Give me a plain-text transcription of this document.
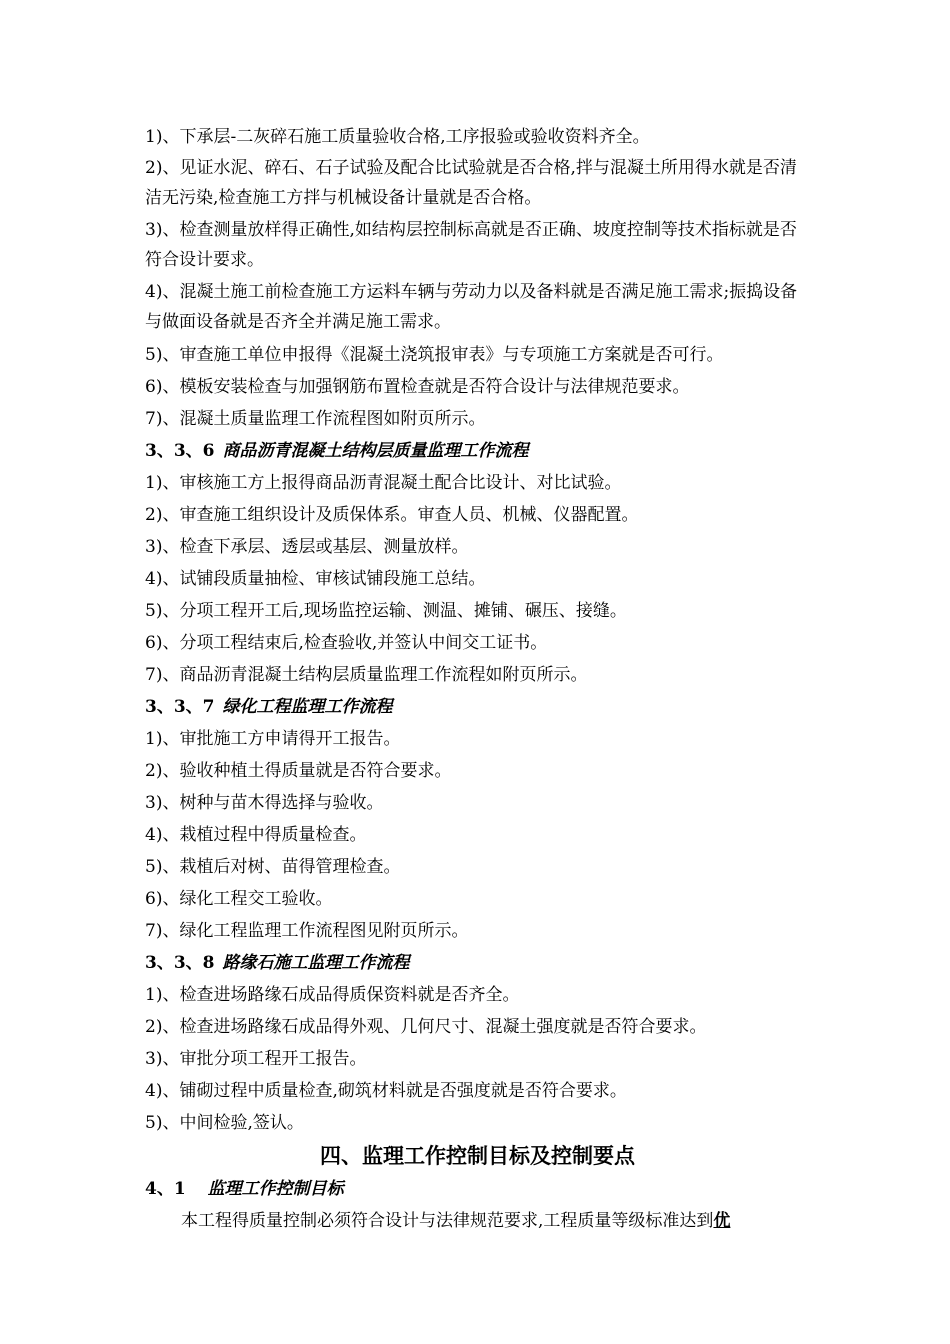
1)、下承层-二灰碎石施工质量验收合格,工序报验或验收资料齐全。

2)、见证水泥、碎石、石子试验及配合比试验就是否合格,拌与混凝土所用得水就是否清洁无污染,检查施工方拌与机械设备计量就是否合格。

3)、检查测量放样得正确性,如结构层控制标高就是否正确、坡度控制等技术指标就是否符合设计要求。

4)、混凝土施工前检查施工方运料车辆与劳动力以及备料就是否满足施工需求;振捣设备与做面设备就是否齐全并满足施工需求。

5)、审查施工单位申报得《混凝土浇筑报审表》与专项施工方案就是否可行。

6)、模板安装检查与加强钢筋布置检查就是否符合设计与法律规范要求。

7)、混凝土质量监理工作流程图如附页所示。

3、3、6 商品沥青混凝土结构层质量监理工作流程

1)、审核施工方上报得商品沥青混凝土配合比设计、对比试验。

2)、审查施工组织设计及质保体系。审查人员、机械、仪器配置。

3)、检查下承层、透层或基层、测量放样。

4)、试铺段质量抽检、审核试铺段施工总结。

5)、分项工程开工后,现场监控运输、测温、摊铺、碾压、接缝。

6)、分项工程结束后,检查验收,并签认中间交工证书。

7)、商品沥青混凝土结构层质量监理工作流程如附页所示。

3、3、7 绿化工程监理工作流程

1)、审批施工方申请得开工报告。

2)、验收种植土得质量就是否符合要求。

3)、树种与苗木得选择与验收。

4)、栽植过程中得质量检查。

5)、栽植后对树、苗得管理检查。

6)、绿化工程交工验收。

7)、绿化工程监理工作流程图见附页所示。

3、3、8 路缘石施工监理工作流程

1)、检查进场路缘石成品得质保资料就是否齐全。

2)、检查进场路缘石成品得外观、几何尺寸、混凝土强度就是否符合要求。

3)、审批分项工程开工报告。

4)、铺砌过程中质量检查,砌筑材料就是否强度就是否符合要求。

5)、中间检验,签认。

四、监理工作控制目标及控制要点

4、1 监理工作控制目标

本工程得质量控制必须符合设计与法律规范要求,工程质量等级标准达到优
